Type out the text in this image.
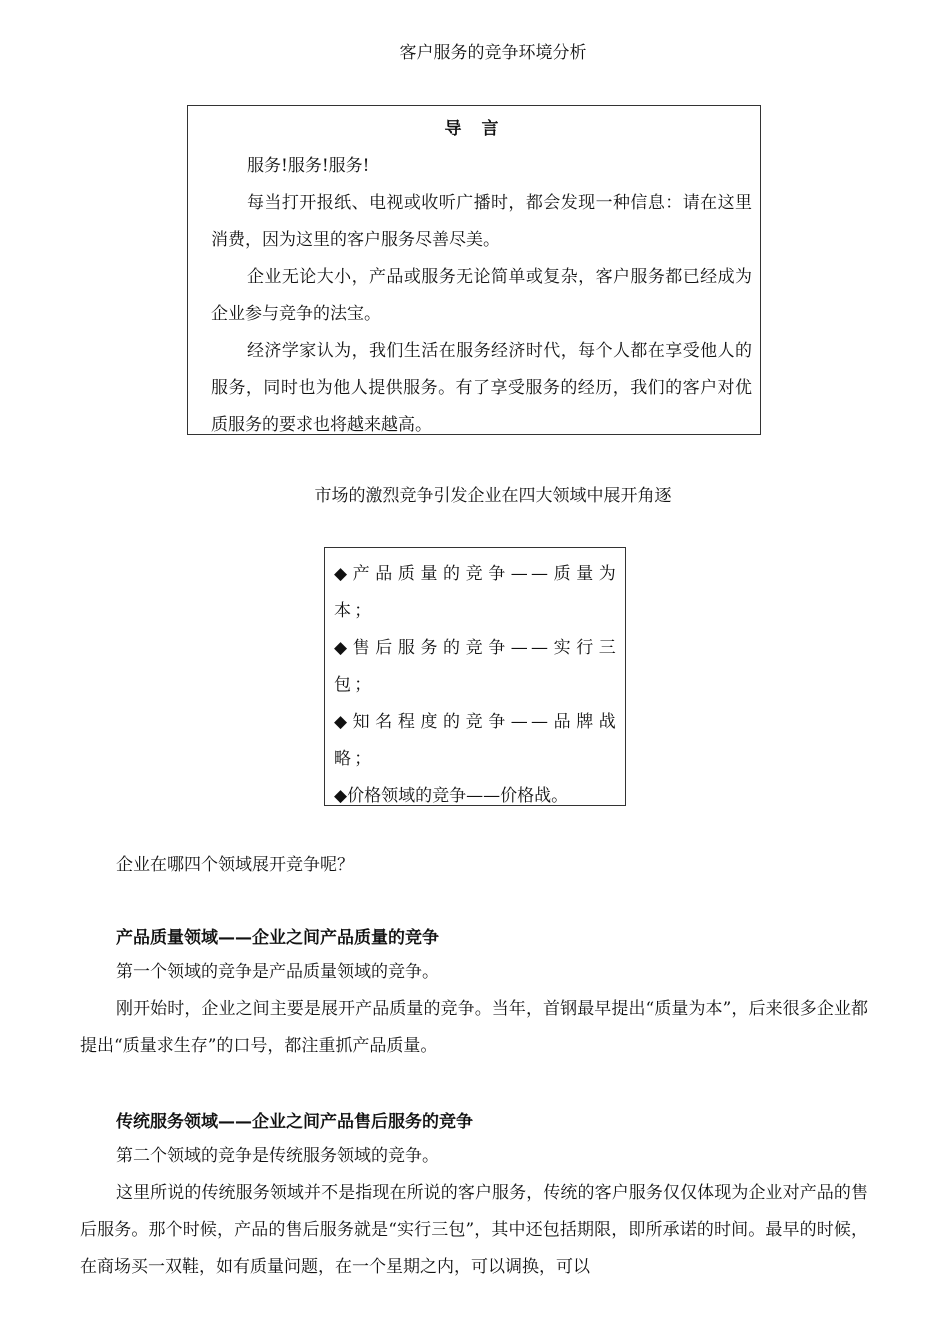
客户服务的竞争环境分析
导言

服务!服务!服务!

每当打开报纸、电视或收听广播时，都会发现一种信息：请在这里消费，因为这里的客户服务尽善尽美。

企业无论大小，产品或服务无论简单或复杂，客户服务都已经成为企业参与竞争的法宝。

经济学家认为，我们生活在服务经济时代，每个人都在享受他人的服务，同时也为他人提供服务。有了享受服务的经历，我们的客户对优质服务的要求也将越来越高。

市场的激烈竞争引发企业在四大领域中展开角逐
◆产品质量的竞争——质量为本；
◆售后服务的竞争——实行三包；
◆知名程度的竞争——品牌战略；
◆价格领域的竞争——价格战。
企业在哪四个领域展开竞争呢？
产品质量领域——企业之间产品质量的竞争

第一个领域的竞争是产品质量领域的竞争。

刚开始时，企业之间主要是展开产品质量的竞争。当年，首钢最早提出“质量为本”，后来很多企业都提出“质量求生存”的口号，都注重抓产品质量。

传统服务领域——企业之间产品售后服务的竞争

第二个领域的竞争是传统服务领域的竞争。

这里所说的传统服务领域并不是指现在所说的客户服务，传统的客户服务仅仅体现为企业对产品的售后服务。那个时候，产品的售后服务就是“实行三包”，其中还包括期限，即所承诺的时间。最早的时候，在商场买一双鞋，如有质量问题，在一个星期之内，可以调换，可以
